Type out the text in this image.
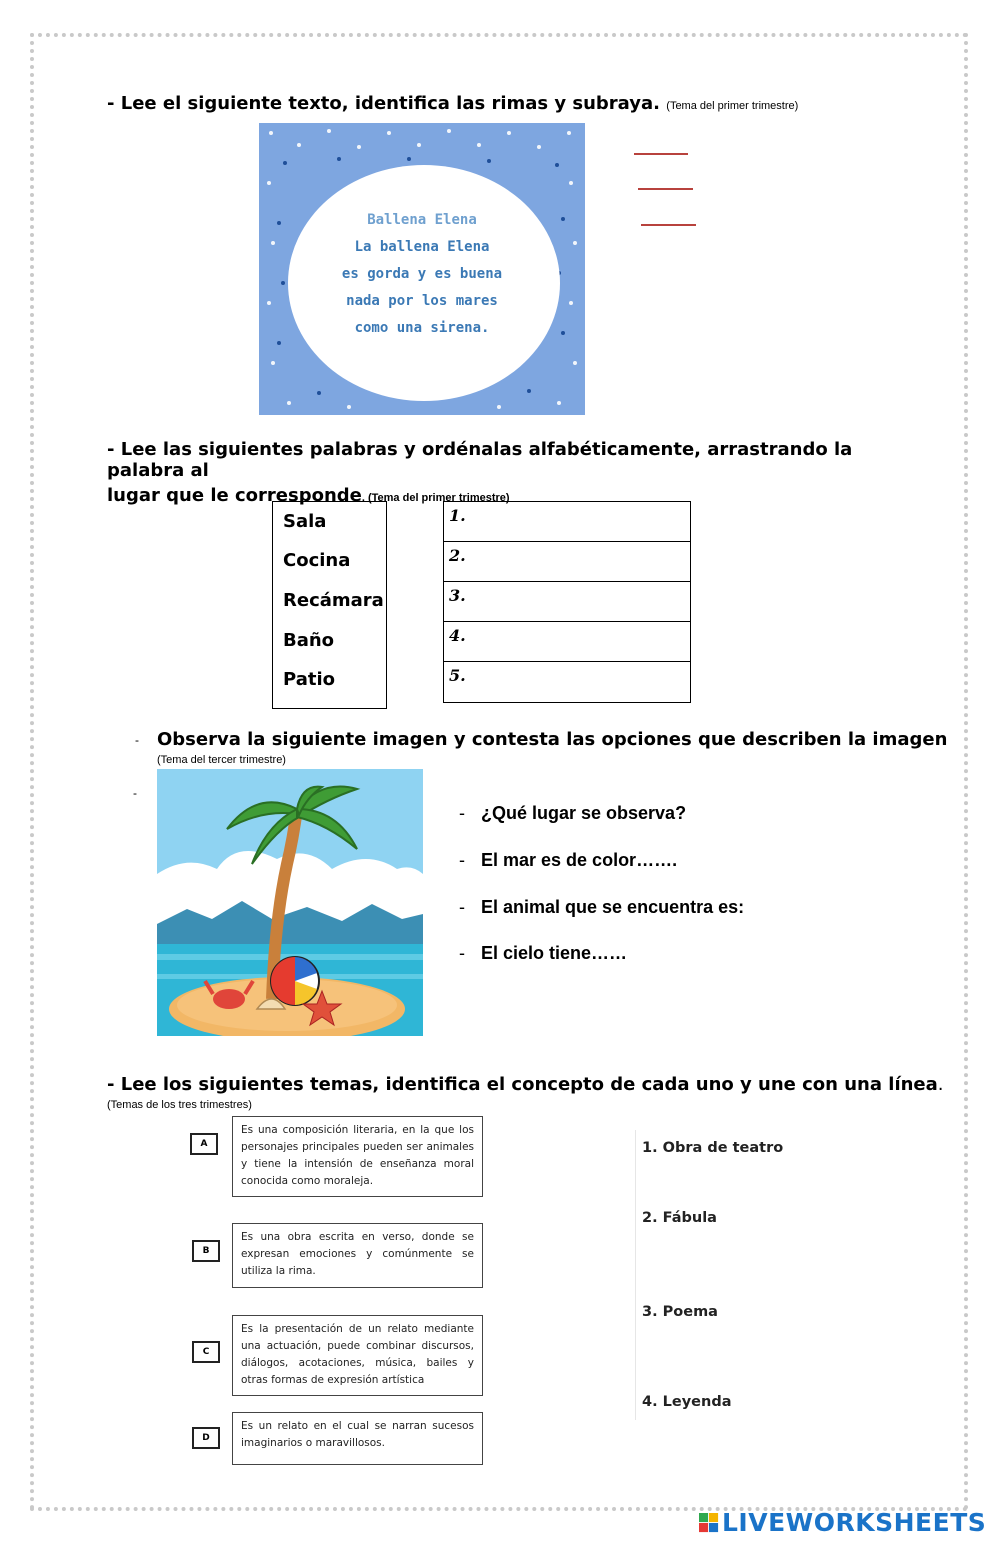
- Lee el siguiente texto, identifica las rimas y subraya. (Tema del primer trimestre)
Ballena Elena
La ballena Elena
es gorda y es buena
nada por los mares
como una sirena.
- Lee las siguientes palabras y ordénalas alfabéticamente, arrastrando la palabra al
lugar que le corresponde. (Tema del primer trimestre)
Sala
Cocina
Recámara
Baño
Patio
1.
2.
3.
4.
5.
- Observa la siguiente imagen y contesta las opciones que describen la imagen
(Tema del tercer trimestre)
-
- ¿Qué lugar se observa?
- El mar es de color…….
- El animal que se encuentra es:
- El cielo tiene……
- Lee los siguientes temas, identifica el concepto de cada uno y une con una línea.
(Temas de los tres trimestres)
A
Es una composición literaria, en la que los personajes principales pueden ser animales y tiene la intensión de enseñanza moral conocida como moraleja.
B
Es una obra escrita en verso, donde se expresan emociones y comúnmente se utiliza la rima.
C
Es la presentación de un relato mediante una actuación, puede combinar discursos, diálogos, acotaciones, música, bailes y otras formas de expresión artística
D
Es un relato en el cual se narran sucesos imaginarios o maravillosos.
1. Obra de teatro
2. Fábula
3. Poema
4. Leyenda
LIVEWORKSHEETS
